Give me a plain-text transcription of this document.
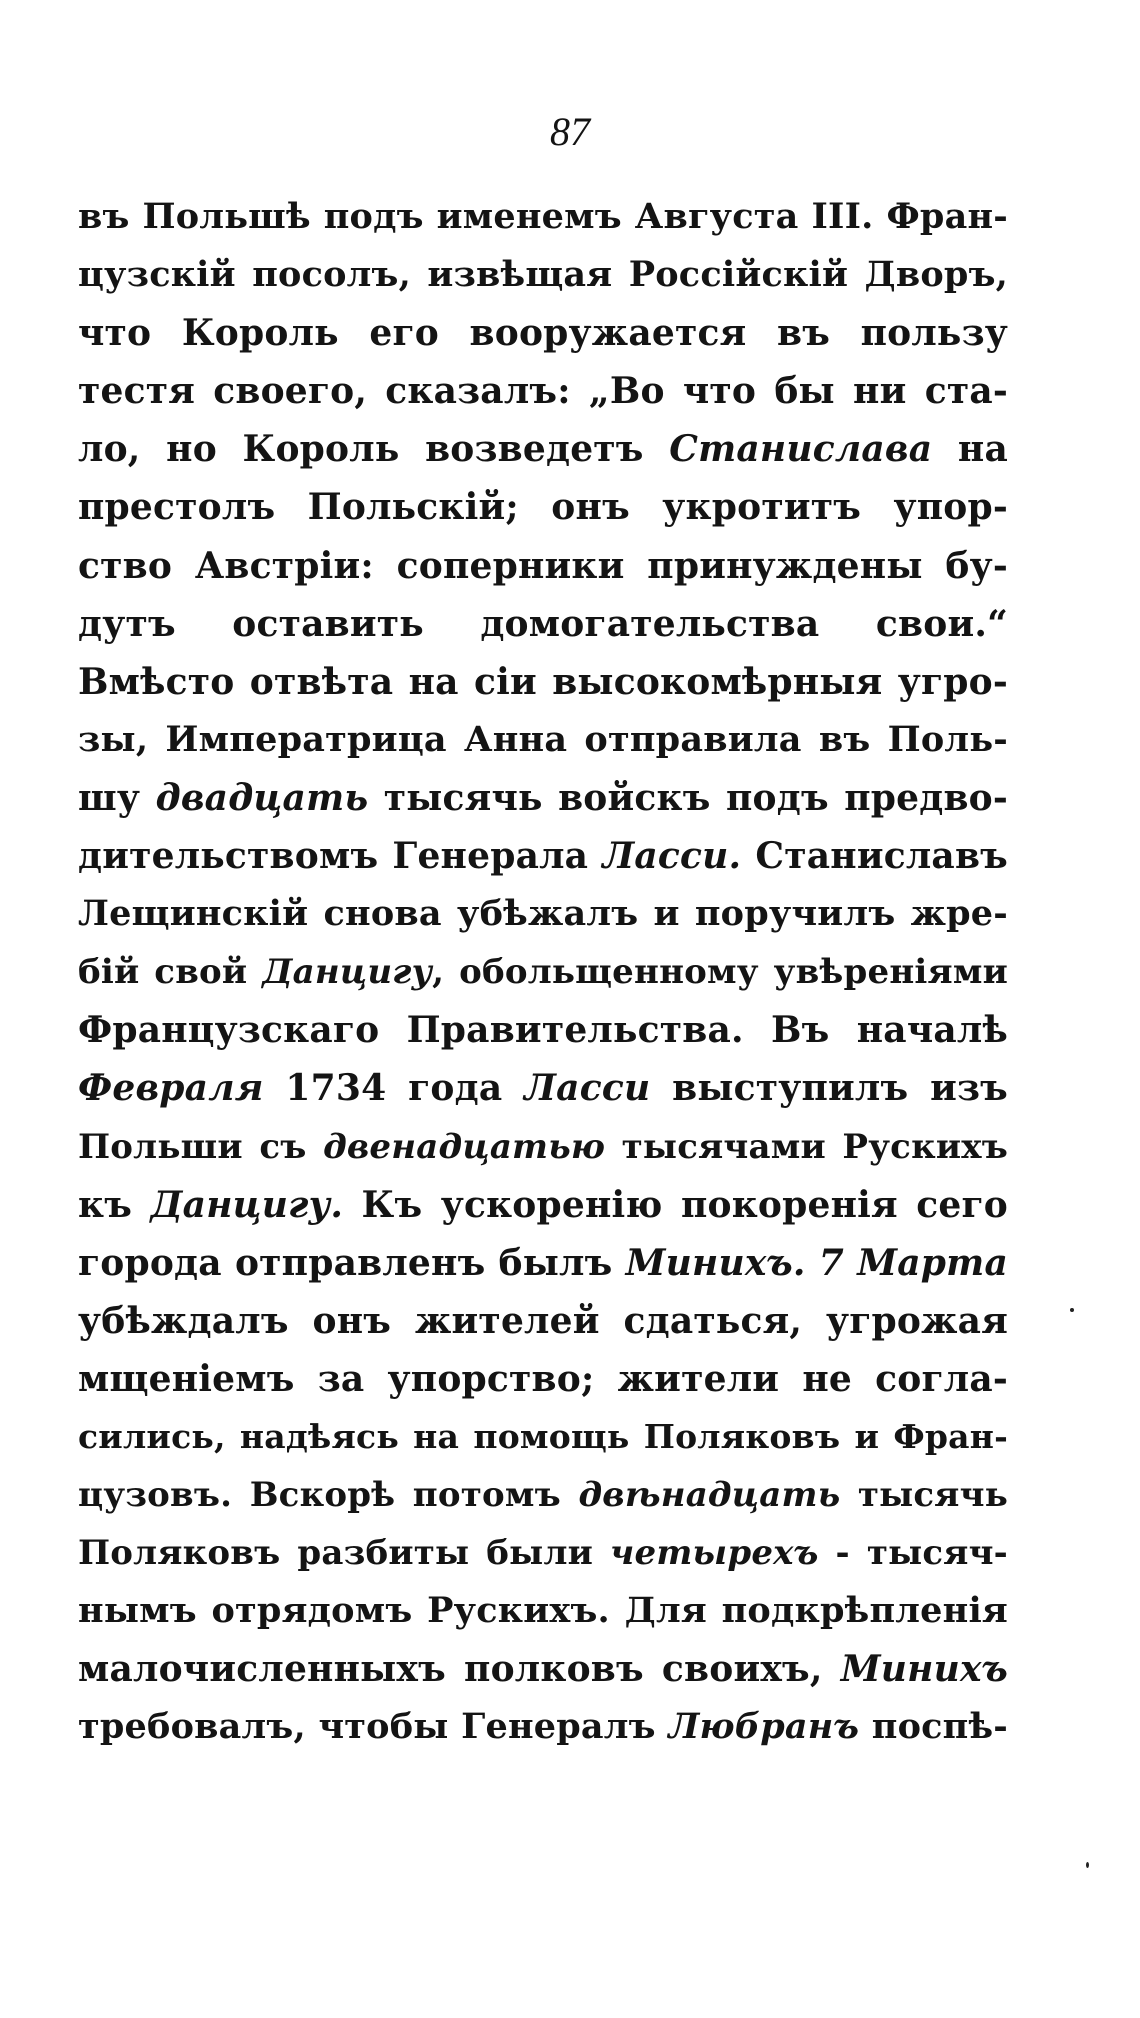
87
въ Польшѣ подъ именемъ Августа III. Фран-
цузскій посолъ, извѣщая Россійскій Дворъ,
что Король его вооружается въ пользу
тестя своего, сказалъ: „Во что бы ни ста-
ло, но Король возведетъ Станислава на
престолъ Польскій; онъ укротитъ упор-
ство Австріи: соперники принуждены бу-
дутъ оставить домогательства свои.“
Вмѣсто отвѣта на сіи высокомѣрныя угро-
зы, Императрица Анна отправила въ Поль-
шу двадцать тысячь войскъ подъ предво-
дительствомъ Генерала Ласси. Станиславъ
Лещинскій снова убѣжалъ и поручилъ жре-
бій свой Данцигу, обольщенному увѣреніями
Французскаго Правительства. Въ началѣ
Февраля 1734 года Ласси выступилъ изъ
Польши съ двенадцатью тысячами Рускихъ
къ Данцигу. Къ ускоренію покоренія сего
города отправленъ былъ Минихъ. 7 Марта
убѣждалъ онъ жителей сдаться, угрожая
мщеніемъ за упорство; жители не согла-
сились, надѣясь на помощь Поляковъ и Фран-
цузовъ. Вскорѣ потомъ двѣнадцать тысячь
Поляковъ разбиты были четырехъ - тысяч-
нымъ отрядомъ Рускихъ. Для подкрѣпленія
малочисленныхъ полковъ своихъ, Минихъ
требовалъ, чтобы Генералъ Любранъ поспѣ-
